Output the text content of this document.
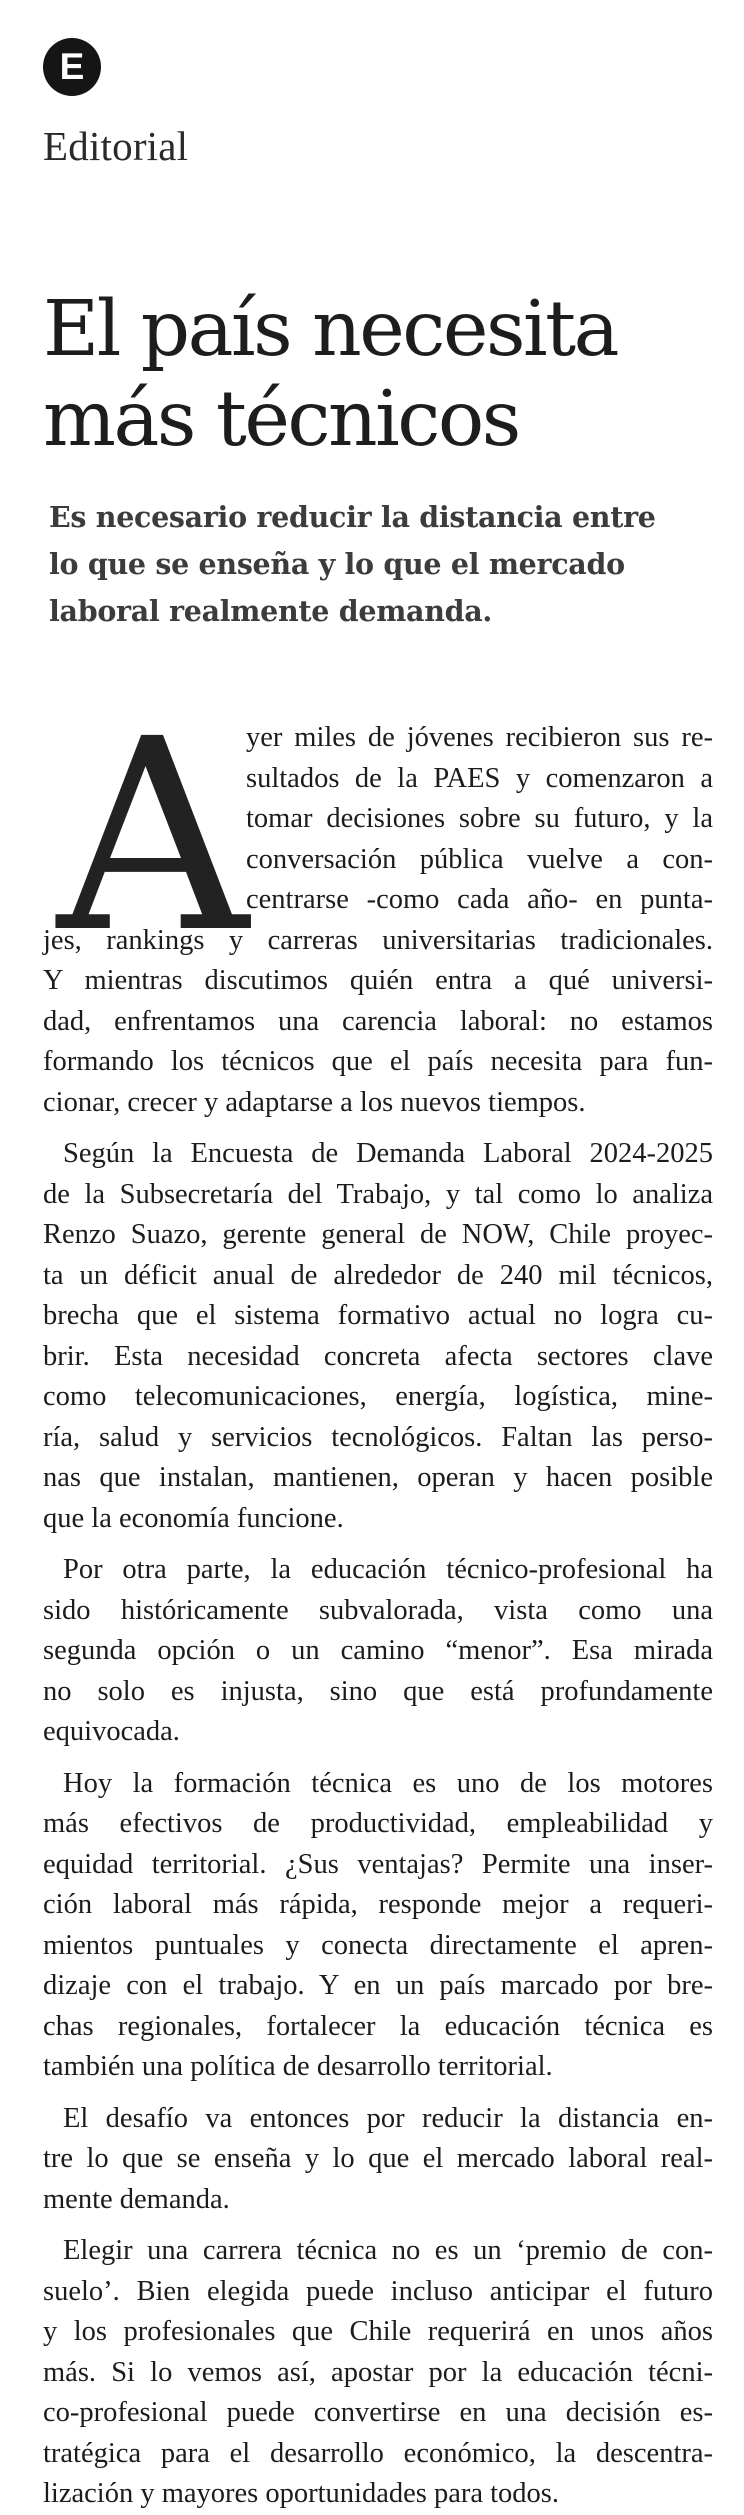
E
Editorial
El país necesita
más técnicos

Es necesario reducir la distancia entre
lo que se enseña y lo que el mercado
laboral realmente demanda.

A
yer miles de jóvenes recibieron sus re-
sultados de la PAES y comenzaron a
tomar decisiones sobre su futuro, y la
conversación pública vuelve a con-
centrarse -como cada año- en punta-
jes, rankings y carreras universitarias tradicionales.
Y mientras discutimos quién entra a qué universi-
dad, enfrentamos una carencia laboral: no estamos
formando los técnicos que el país necesita para fun-
cionar, crecer y adaptarse a los nuevos tiempos.
Según la Encuesta de Demanda Laboral 2024-2025
de la Subsecretaría del Trabajo, y tal como lo analiza
Renzo Suazo, gerente general de NOW, Chile proyec-
ta un déficit anual de alrededor de 240 mil técnicos,
brecha que el sistema formativo actual no logra cu-
brir. Esta necesidad concreta afecta sectores clave
como telecomunicaciones, energía, logística, mine-
ría, salud y servicios tecnológicos. Faltan las perso-
nas que instalan, mantienen, operan y hacen posible
que la economía funcione.
Por otra parte, la educación técnico-profesional ha
sido históricamente subvalorada, vista como una
segunda opción o un camino “menor”. Esa mirada
no solo es injusta, sino que está profundamente
equivocada.
Hoy la formación técnica es uno de los motores
más efectivos de productividad, empleabilidad y
equidad territorial. ¿Sus ventajas? Permite una inser-
ción laboral más rápida, responde mejor a requeri-
mientos puntuales y conecta directamente el apren-
dizaje con el trabajo. Y en un país marcado por bre-
chas regionales, fortalecer la educación técnica es
también una política de desarrollo territorial.
El desafío va entonces por reducir la distancia en-
tre lo que se enseña y lo que el mercado laboral real-
mente demanda.
Elegir una carrera técnica no es un ‘premio de con-
suelo’. Bien elegida puede incluso anticipar el futuro
y los profesionales que Chile requerirá en unos años
más. Si lo vemos así, apostar por la educación técni-
co-profesional puede convertirse en una decisión es-
tratégica para el desarrollo económico, la descentra-
lización y mayores oportunidades para todos.
